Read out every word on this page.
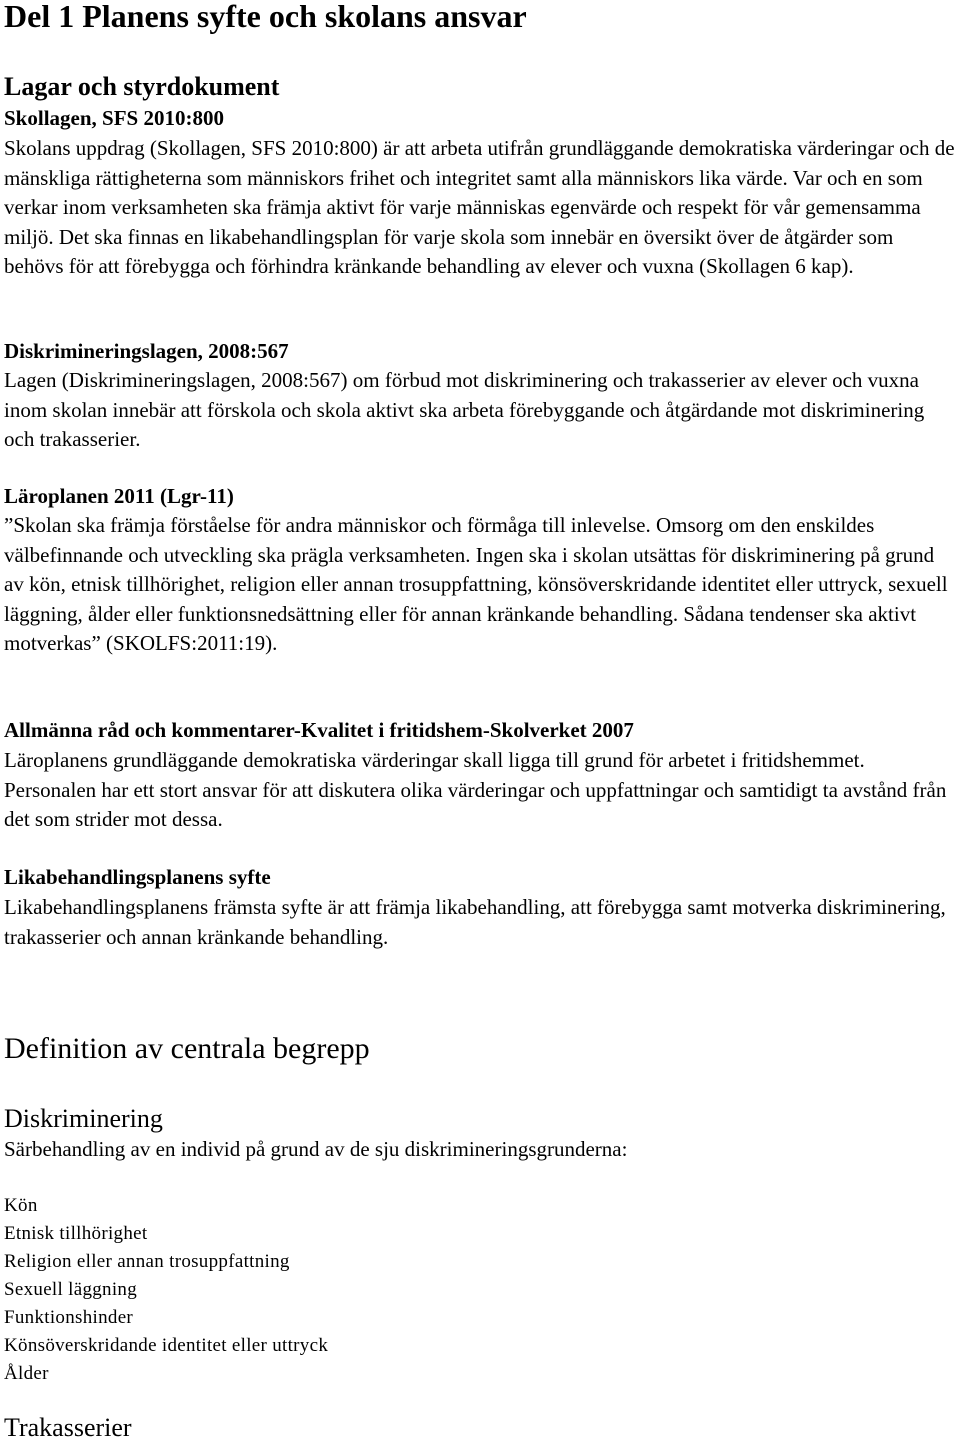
Del 1 Planens syfte och skolans ansvar
Lagar och styrdokument
Skollagen, SFS 2010:800

Skolans uppdrag (Skollagen, SFS 2010:800) är att arbeta utifrån grundläggande demokratiska värderingar och de mänskliga rättigheterna som människors frihet och integritet samt alla människors lika värde. Var och en som verkar inom verksamheten ska främja aktivt för varje människas egenvärde och respekt för vår gemensamma miljö. Det ska finnas en likabehandlingsplan för varje skola som innebär en översikt över de åtgärder som behövs för att förebygga och förhindra kränkande behandling av elever och vuxna (Skollagen 6 kap).

Diskrimineringslagen, 2008:567

Lagen (Diskrimineringslagen, 2008:567) om förbud mot diskriminering och trakasserier av elever och vuxna inom skolan innebär att förskola och skola aktivt ska arbeta förebyggande och åtgärdande mot diskriminering och trakasserier.

Läroplanen 2011 (Lgr-11)

”Skolan ska främja förståelse för andra människor och förmåga till inlevelse. Omsorg om den enskildes välbefinnande och utveckling ska prägla verksamheten. Ingen ska i skolan utsättas för diskriminering på grund av kön, etnisk tillhörighet, religion eller annan trosuppfattning, könsöverskridande identitet eller uttryck, sexuell läggning, ålder eller funktionsnedsättning eller för annan kränkande behandling. Sådana tendenser ska aktivt motverkas” (SKOLFS:2011:19).

Allmänna råd och kommentarer-Kvalitet i fritidshem-Skolverket 2007

Läroplanens grundläggande demokratiska värderingar skall ligga till grund för arbetet i fritidshemmet. Personalen har ett stort ansvar för att diskutera olika värderingar och uppfattningar och samtidigt ta avstånd från det som strider mot dessa.

Likabehandlingsplanens syfte

Likabehandlingsplanens främsta syfte är att främja likabehandling, att förebygga samt motverka diskriminering, trakasserier och annan kränkande behandling.

Definition av centrala begrepp
Diskriminering

Särbehandling av en individ på grund av de sju diskrimineringsgrunderna:

Kön
Etnisk tillhörighet
Religion eller annan trosuppfattning
Sexuell läggning
Funktionshinder
Könsöverskridande identitet eller uttryck
Ålder
Trakasserier
